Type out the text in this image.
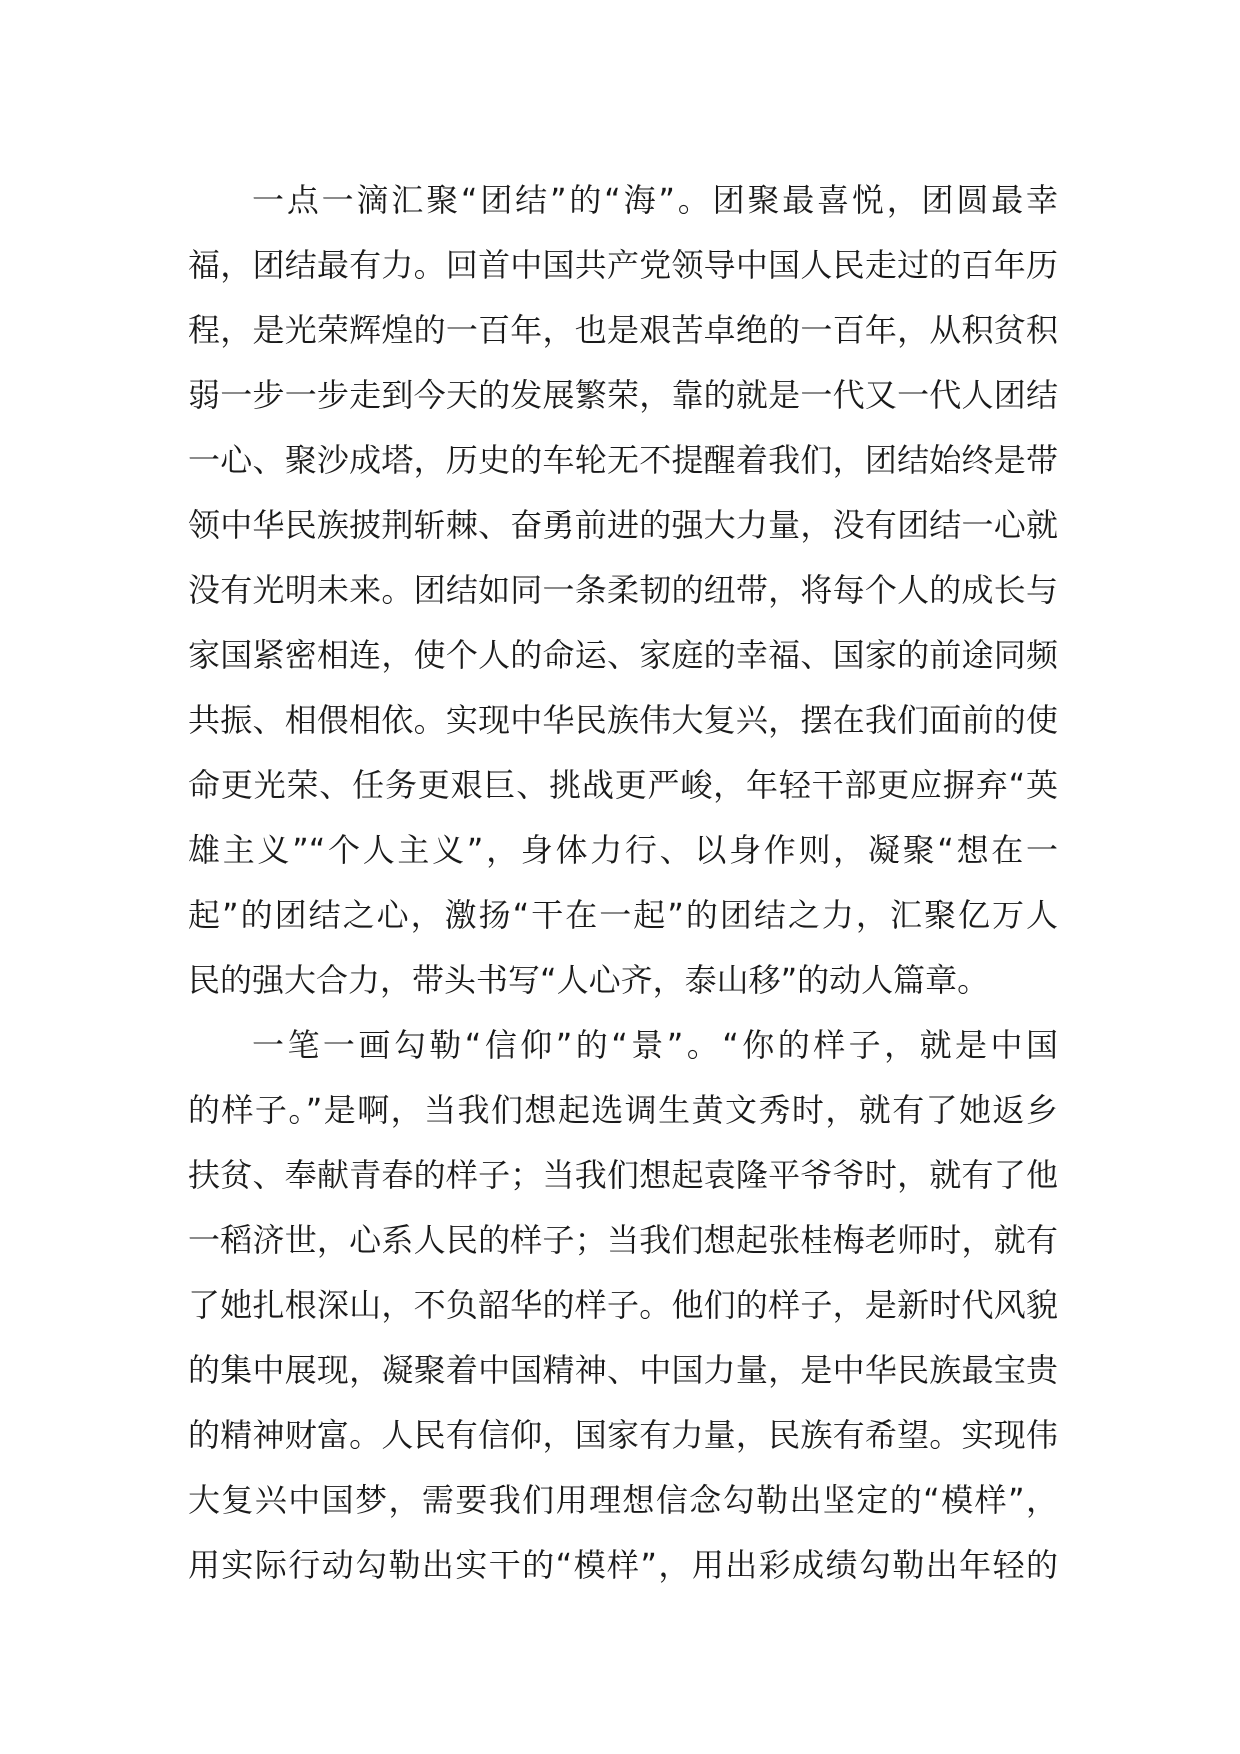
一点一滴汇聚“团结”的“海”。团聚最喜悦，团圆最幸
福，团结最有力。回首中国共产党领导中国人民走过的百年历
程，是光荣辉煌的一百年，也是艰苦卓绝的一百年，从积贫积
弱一步一步走到今天的发展繁荣，靠的就是一代又一代人团结
一心、聚沙成塔，历史的车轮无不提醒着我们，团结始终是带
领中华民族披荆斩棘、奋勇前进的强大力量，没有团结一心就
没有光明未来。团结如同一条柔韧的纽带，将每个人的成长与
家国紧密相连，使个人的命运、家庭的幸福、国家的前途同频
共振、相偎相依。实现中华民族伟大复兴，摆在我们面前的使
命更光荣、任务更艰巨、挑战更严峻，年轻干部更应摒弃“英
雄主义”“个人主义”，身体力行、以身作则，凝聚“想在一
起”的团结之心，激扬“干在一起”的团结之力，汇聚亿万人
民的强大合力，带头书写“人心齐，泰山移”的动人篇章。
一笔一画勾勒“信仰”的“景”。“你的样子，就是中国
的样子。”是啊，当我们想起选调生黄文秀时，就有了她返乡
扶贫、奉献青春的样子；当我们想起袁隆平爷爷时，就有了他
一稻济世，心系人民的样子；当我们想起张桂梅老师时，就有
了她扎根深山，不负韶华的样子。他们的样子，是新时代风貌
的集中展现，凝聚着中国精神、中国力量，是中华民族最宝贵
的精神财富。人民有信仰，国家有力量，民族有希望。实现伟
大复兴中国梦，需要我们用理想信念勾勒出坚定的“模样”，
用实际行动勾勒出实干的“模样”，用出彩成绩勾勒出年轻的
